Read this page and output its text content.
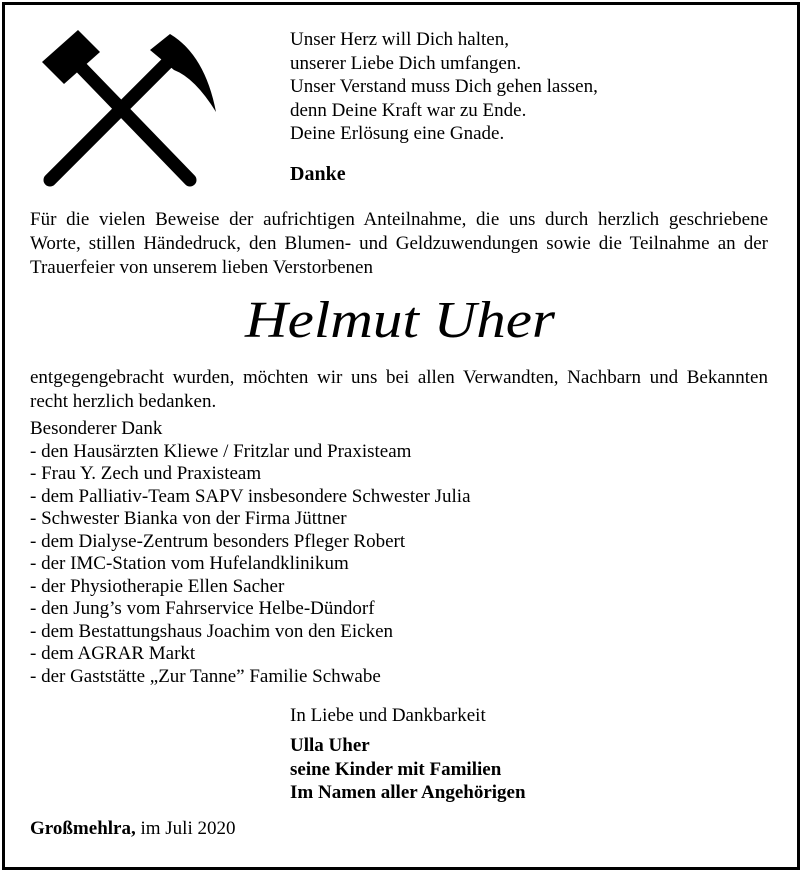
Unser Herz will Dich halten,
unserer Liebe Dich umfangen.
Unser Verstand muss Dich gehen lassen,
denn Deine Kraft war zu Ende.
Deine Erlösung eine Gnade.
Danke
Für die vielen Beweise der aufrichtigen Anteilnahme, die uns durch herzlich geschriebene Worte, stillen Händedruck, den Blumen- und Geldzuwendungen sowie die Teilnahme an der Trauerfeier von unserem lieben Verstorbenen
Helmut Uher
entgegengebracht wurden, möchten wir uns bei allen Verwandten, Nachbarn und Bekannten recht herzlich bedanken.
Besonderer Dank
- den Hausärzten Kliewe / Fritzlar und Praxisteam
- Frau Y. Zech und Praxisteam
- dem Palliativ-Team SAPV insbesondere Schwester Julia
- Schwester Bianka von der Firma Jüttner
- dem Dialyse-Zentrum besonders Pfleger Robert
- der IMC-Station vom Hufelandklinikum
- der Physiotherapie Ellen Sacher
- den Jung’s vom Fahrservice Helbe-Dündorf
- dem Bestattungshaus Joachim von den Eicken
- dem AGRAR Markt
- der Gaststätte „Zur Tanne” Familie Schwabe
In Liebe und Dankbarkeit
Ulla Uher
seine Kinder mit Familien
Im Namen aller Angehörigen
Großmehlra, im Juli 2020
